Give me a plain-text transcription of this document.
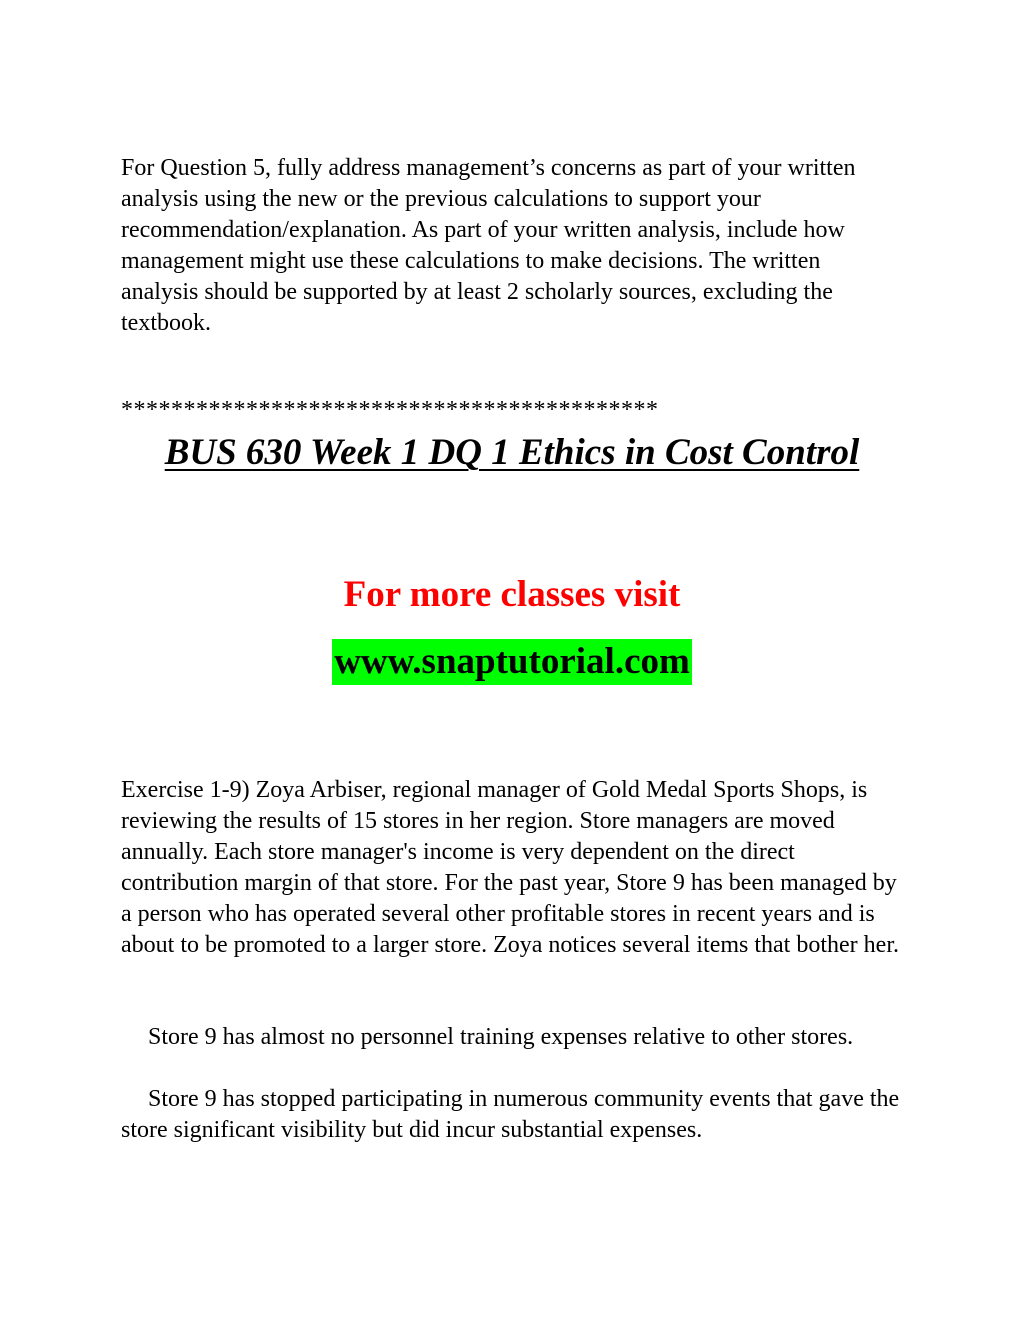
For Question 5, fully address management’s concerns as part of your written analysis using the new or the previous calculations to support your recommendation/explanation. As part of your written analysis, include how management might use these calculations to make decisions. The written analysis should be supported by at least 2 scholarly sources, excluding the textbook.

*******************************************

BUS 630 Week 1 DQ 1 Ethics in Cost Control

For more classes visit

www.snaptutorial.com

Exercise 1-9) Zoya Arbiser, regional manager of Gold Medal Sports Shops, is reviewing the results of 15 stores in her region. Store managers are moved annually. Each store manager's income is very dependent on the direct contribution margin of that store. For the past year, Store 9 has been managed by a person who has operated several other profitable stores in recent years and is about to be promoted to a larger store. Zoya notices several items that bother her.

Store 9 has almost no personnel training expenses relative to other stores.

Store 9 has stopped participating in numerous community events that gave the store significant visibility but did incur substantial expenses.
